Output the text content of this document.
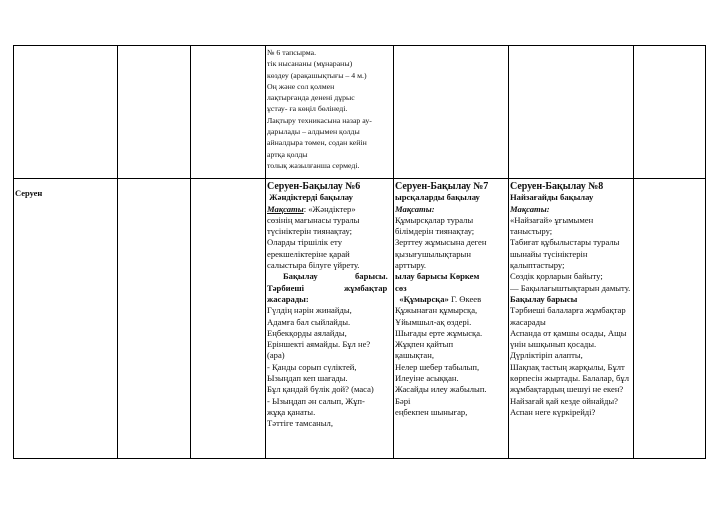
№ 6 тапсырма.
тік нысананы (мұнараны)
көздеу (арақашықтығы – 4 м.)
Оң және сол қолмен
лақтырғанда денені дұрыс
ұстау- ға көңіл бөлінеді.
Лақтыру техникасына назар ау-
дарылады – алдымен қолды
айналдыра төмен, содан кейін
артқа қолды
толық жазылғанша сермеді.
Серуен
Серуен-Бақылау №6
Жәндіктерді бақылау
Мақсаты: «Жәндіктер»
сөзінің мағынасы туралы
түсініктерін тиянақтау;
Оларды тіршілік ету
ерекшеліктеріне қарай
салыстыра білуге үйрету.
Бақылау	барысы.
Тәрбиеші	жұмбақтар
жасарады:
Гүлдің нәрін жинайды,
Адамға бал сыйлайды.
Еңбекқорды аялайды,
Еріншекті аямайды. Бұл не?
(ара)
- Қанды сорып сүліктей,
Ызыңдап кеп шағады.
Бұл қандай бүлік дой? (маса)
- Ызыңдап ән салып, Жұп-
жұқа қанаты.
Тәттіге тамсаныл,
Серуен-Бақылау №7
ырсқаларды бақылау
Мақсаты:
Құмырсқалар туралы
білімдерін тиянақтау;
Зерттеу жұмысына деген
қызығушылықтарын
арттыру.
ылау барысы Көркем
сөз
«Құмырсқа» Г. Өкеев
Құжынаған құмырсқа,
Ұйымшыл-ақ өздері.
Шығады ерте жұмысқа.
Жұқпен қайтып
қашықтан,
Нелер шебер табылып,
Илеуіне асыққан.
Жасайды илеу жабылып.
Бәрі
еңбекпен шынығар,
Серуен-Бақылау №8
Найзағайды бақылау
Мақсаты:
«Найзағай» ұғымымен
таныстыру;
Табиғат құбылыстары туралы
шынайы түсініктерін
қалыптастыру;
Сөздік қорларын байыту;
— Бақылағыштықтарын дамыту.
Бақылау барысы
Тәрбиеші балаларға жұмбақтар
жасарады
Аспанда от қамшы осады, Ащы
үнін ышқынып қосады.
Дүрліктіріп алапты,
Шақпақ тастың жарқылы, Бұлт
көрпесін жыртады. Балалар, бұл
жұмбақтардың шешуі не екен?
Найзағай қай кезде ойнайды?
Аспан неге күркірейді?
